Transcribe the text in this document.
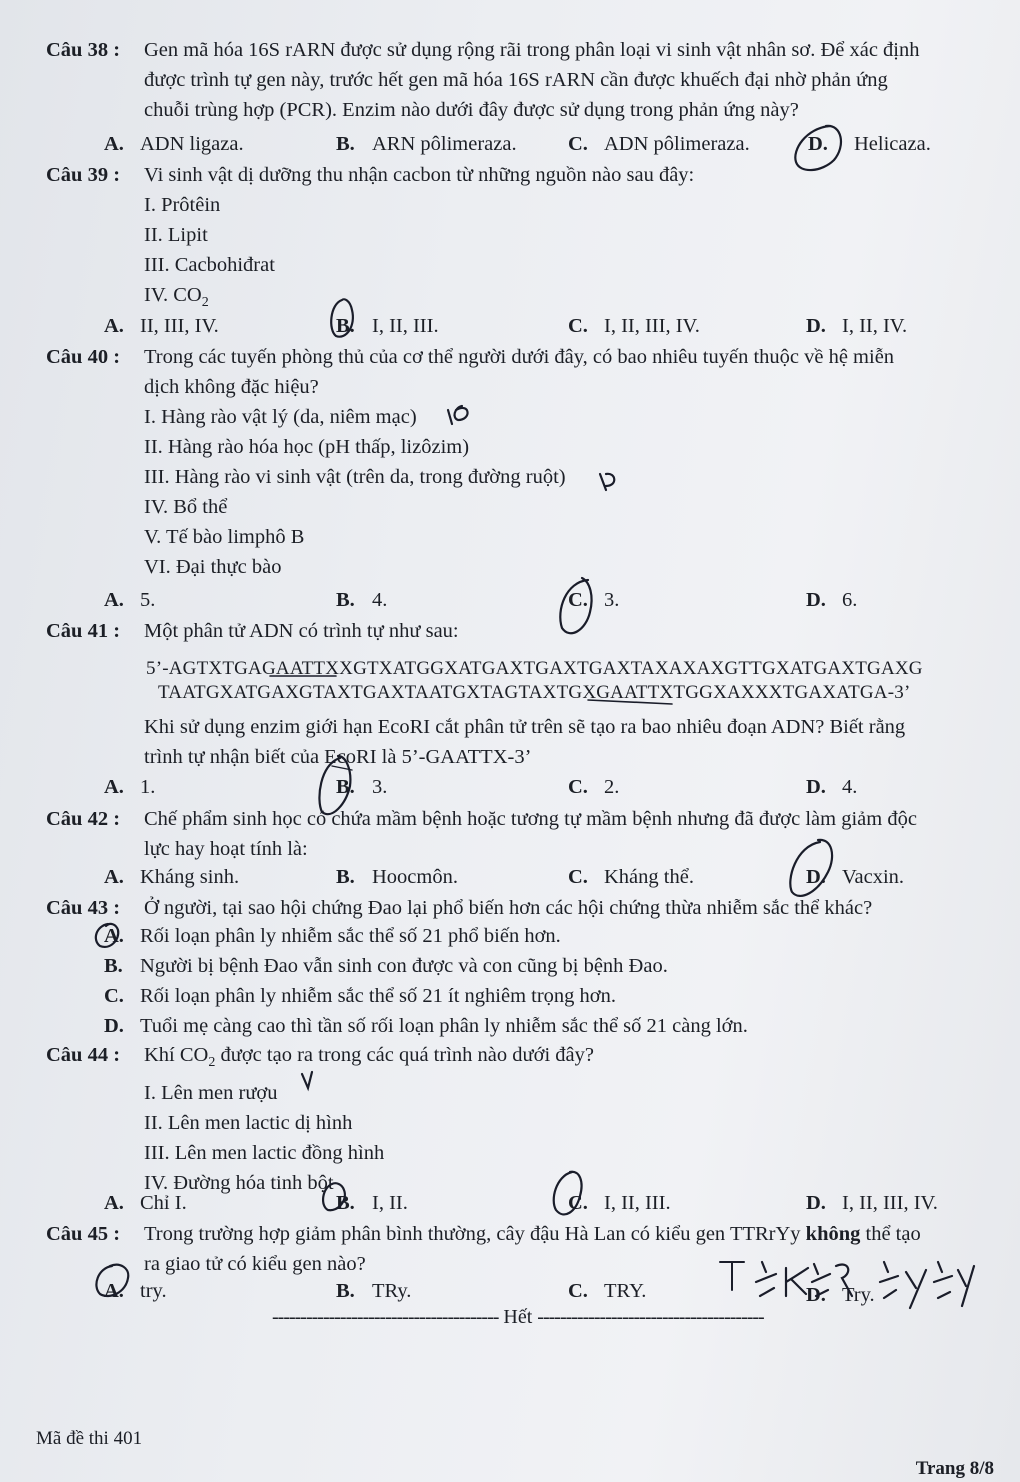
Câu 38 : Gen mã hóa 16S rARN được sử dụng rộng rãi trong phân loại vi sinh vật nhân sơ. Để xác định
được trình tự gen này, trước hết gen mã hóa 16S rARN cần được khuếch đại nhờ phản ứng
chuỗi trùng hợp (PCR). Enzim nào dưới đây được sử dụng trong phản ứng này?
A. ADN ligaza.	B. ARN pôlimeraza.	C. ADN pôlimeraza.	D. Helicaza.
Câu 39 : Vi sinh vật dị dưỡng thu nhận cacbon từ những nguồn nào sau đây:
I. Prôtêin
II. Lipit
III. Cacbohiđrat
IV. $CO_2$
A. II, III, IV.	B. I, II, III.	C. I, II, III, IV.	D. I, II, IV.
Câu 40 : Trong các tuyến phòng thủ của cơ thể người dưới đây, có bao nhiêu tuyến thuộc về hệ miễn
dịch không đặc hiệu?
I. Hàng rào vật lý (da, niêm mạc)
II. Hàng rào hóa học (pH thấp, lizôzim)
III. Hàng rào vi sinh vật (trên da, trong đường ruột)
IV. Bổ thể
V. Tế bào limphô B
VI. Đại thực bào
A. 5.	B. 4.	C. 3.	D. 6.
Câu 41 : Một phân tử ADN có trình tự như sau:
5’-AGTXTGAGAATTXXGTXATGGXATGAXTGAXTGAXTAXAXAXGTTGXATGAXTGAXG
TAATGXATGAXGTAXTGAXTAATGXTAGTAXTGXGAATTXTGGXAXXXTGAXATGA-3’
Khi sử dụng enzim giới hạn EcoRI cắt phân tử trên sẽ tạo ra bao nhiêu đoạn ADN? Biết rằng
trình tự nhận biết của EcoRI là 5’-GAATTX-3’
A. 1.	B. 3.	C. 2.	D. 4.
Câu 42 : Chế phẩm sinh học có chứa mầm bệnh hoặc tương tự mầm bệnh nhưng đã được làm giảm độc
lực hay hoạt tính là:
A. Kháng sinh.	B. Hoocmôn.	C. Kháng thể.	D. Vacxin.
Câu 43 : Ở người, tại sao hội chứng Đao lại phổ biến hơn các hội chứng thừa nhiễm sắc thể khác?
A. Rối loạn phân ly nhiễm sắc thể số 21 phổ biến hơn.
B. Người bị bệnh Đao vẫn sinh con được và con cũng bị bệnh Đao.
C. Rối loạn phân ly nhiễm sắc thể số 21 ít nghiêm trọng hơn.
D. Tuổi mẹ càng cao thì tần số rối loạn phân ly nhiễm sắc thể số 21 càng lớn.
Câu 44 : Khí $CO_2$ được tạo ra trong các quá trình nào dưới đây?
I. Lên men rượu
II. Lên men lactic dị hình
III. Lên men lactic đồng hình
IV. Đường hóa tinh bột
A. Chỉ I.	B. I, II.	C. I, II, III.	D. I, II, III, IV.
Câu 45 : Trong trường hợp giảm phân bình thường, cây đậu Hà Lan có kiểu gen TTRrYy không thể tạo
ra giao tử có kiểu gen nào?
A. try.	B. TRy.	C. TRY.	D. Try.
---------------------------------------- Hết ----------------------------------------
Mã đề thi 401
Trang 8/8
